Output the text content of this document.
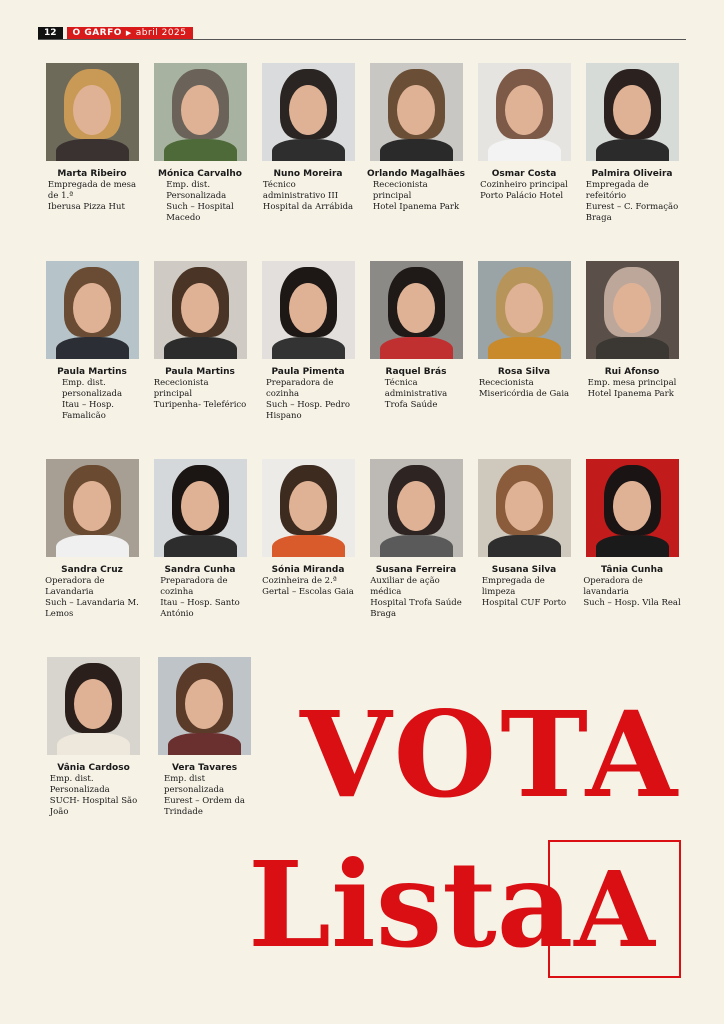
12	O GARFO ▶ abril 2025
Marta Ribeiro
Empregada de mesa
de 1.ª
Iberusa Pizza Hut
Mónica Carvalho
Emp. dist.
Personalizada
Such – Hospital
Macedo
Nuno Moreira
Técnico
administrativo III
Hospital da Arrábida
Orlando Magalhães
Rececionista
principal
Hotel Ipanema Park
Osmar Costa
Cozinheiro principal
Porto Palácio Hotel
Palmira Oliveira
Empregada de
refeitório
Eurest – C. Formação
Braga
Paula Martins
Emp. dist.
personalizada
Itau – Hosp.
Famalicão
Paula Martins
Rececionista
principal
Turipenha- Teleférico
Paula Pimenta
Preparadora de
cozinha
Such – Hosp. Pedro
Hispano
Raquel Brás
Técnica
administrativa
Trofa Saúde
Rosa Silva
Rececionista
Misericórdia de Gaia
Rui Afonso
Emp. mesa principal
Hotel Ipanema Park
Sandra Cruz
Operadora de
Lavandaria
Such – Lavandaria M.
Lemos
Sandra Cunha
Preparadora de
cozinha
Itau – Hosp. Santo
António
Sónia Miranda
Cozinheira de 2.ª
Gertal – Escolas Gaia
Susana Ferreira
Auxiliar de ação
médica
Hospital Trofa Saúde
Braga
Susana Silva
Empregada de
limpeza
Hospital CUF Porto
Tânia Cunha
Operadora de
lavandaria
Such – Hosp. Vila Real
Vânia Cardoso
Emp. dist.
Personalizada
SUCH- Hospital São
João
Vera Tavares
Emp. dist
personalizada
Eurest – Ordem da
Trindade VOTA
Lista A
